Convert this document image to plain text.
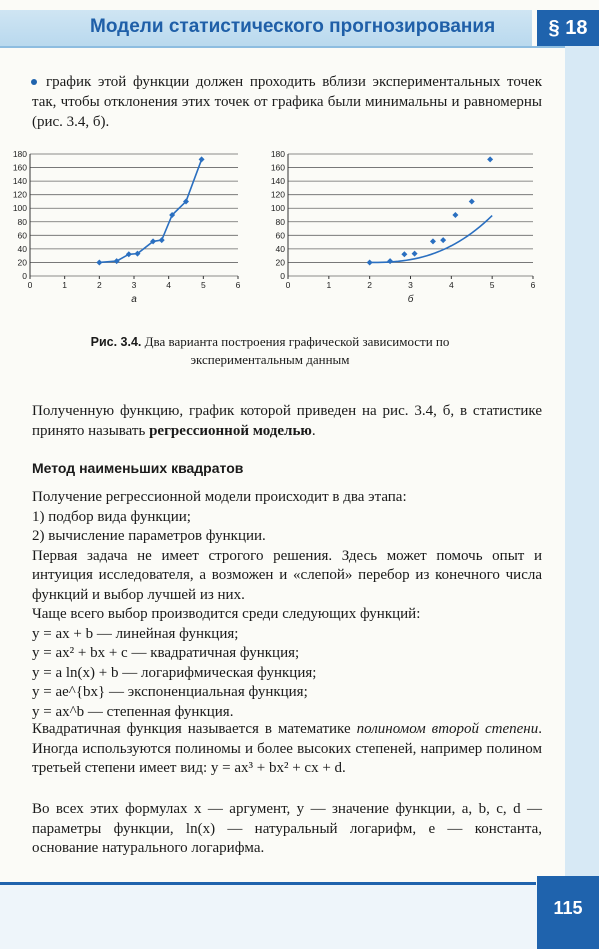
Модели статистического прогнозирования	§ 18
график этой функции должен проходить вблизи экспериментальных точек так, чтобы отклонения этих точек от графика были минимальны и равномерны (рис. 3.4, б).
0
20
40
60
80
100
120
140
160
180
0	1	2	3	4	5	6
а
0
20
40
60
80
100
120
140
160
180
0	1	2	3	4	5	6
б
Рис. 3.4. Два варианта построения графической зависимости по экспериментальным данным
Полученную функцию, график которой приведен на рис. 3.4, б, в статистике принято называть регрессионной моделью.
Метод наименьших квадратов
Получение регрессионной модели происходит в два этапа:
1) подбор вида функции;
2) вычисление параметров функции.
Первая задача не имеет строгого решения. Здесь может помочь опыт и интуиция исследователя, а возможен и «слепой» перебор из конечного числа функций и выбор лучшей из них.
Чаще всего выбор производится среди следующих функций:
y = ax + b — линейная функция;
y = ax² + bx + c — квадратичная функция;
y = a ln(x) + b — логарифмическая функция;
y = ae^{bx} — экспоненциальная функция;
y = ax^b — степенная функция.
Квадратичная функция называется в математике полиномом второй степени. Иногда используются полиномы и более высоких степеней, например полином третьей степени имеет вид: y = ax³ + bx² + cx + d.
Во всех этих формулах x — аргумент, y — значение функции, a, b, c, d — параметры функции, ln(x) — натуральный логарифм, e — константа, основание натурального логарифма.
115
